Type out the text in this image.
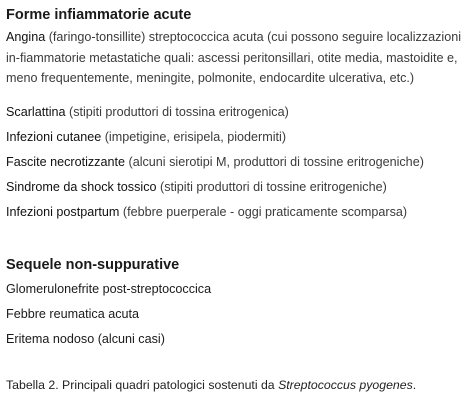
Forme infiammatorie acute
Angina (faringo-tonsillite) streptococcica acuta (cui possono seguire localizzazioni in-fiammatorie metastatiche quali: ascessi peritonsillari, otite media, mastoidite e, meno frequentemente, meningite, polmonite, endocardite ulcerativa, etc.)
Scarlattina (stipiti produttori di tossina eritrogenica)
Infezioni cutanee (impetigine, erisipela, piodermiti)
Fascite necrotizzante (alcuni sierotipi M, produttori di tossine eritrogeniche)
Sindrome da shock tossico (stipiti produttori di tossine eritrogeniche)
Infezioni postpartum (febbre puerperale - oggi praticamente scomparsa)
Sequele non-suppurative
Glomerulonefrite post-streptococcica
Febbre reumatica acuta
Eritema nodoso (alcuni casi)
Tabella 2. Principali quadri patologici sostenuti da Streptococcus pyogenes.
